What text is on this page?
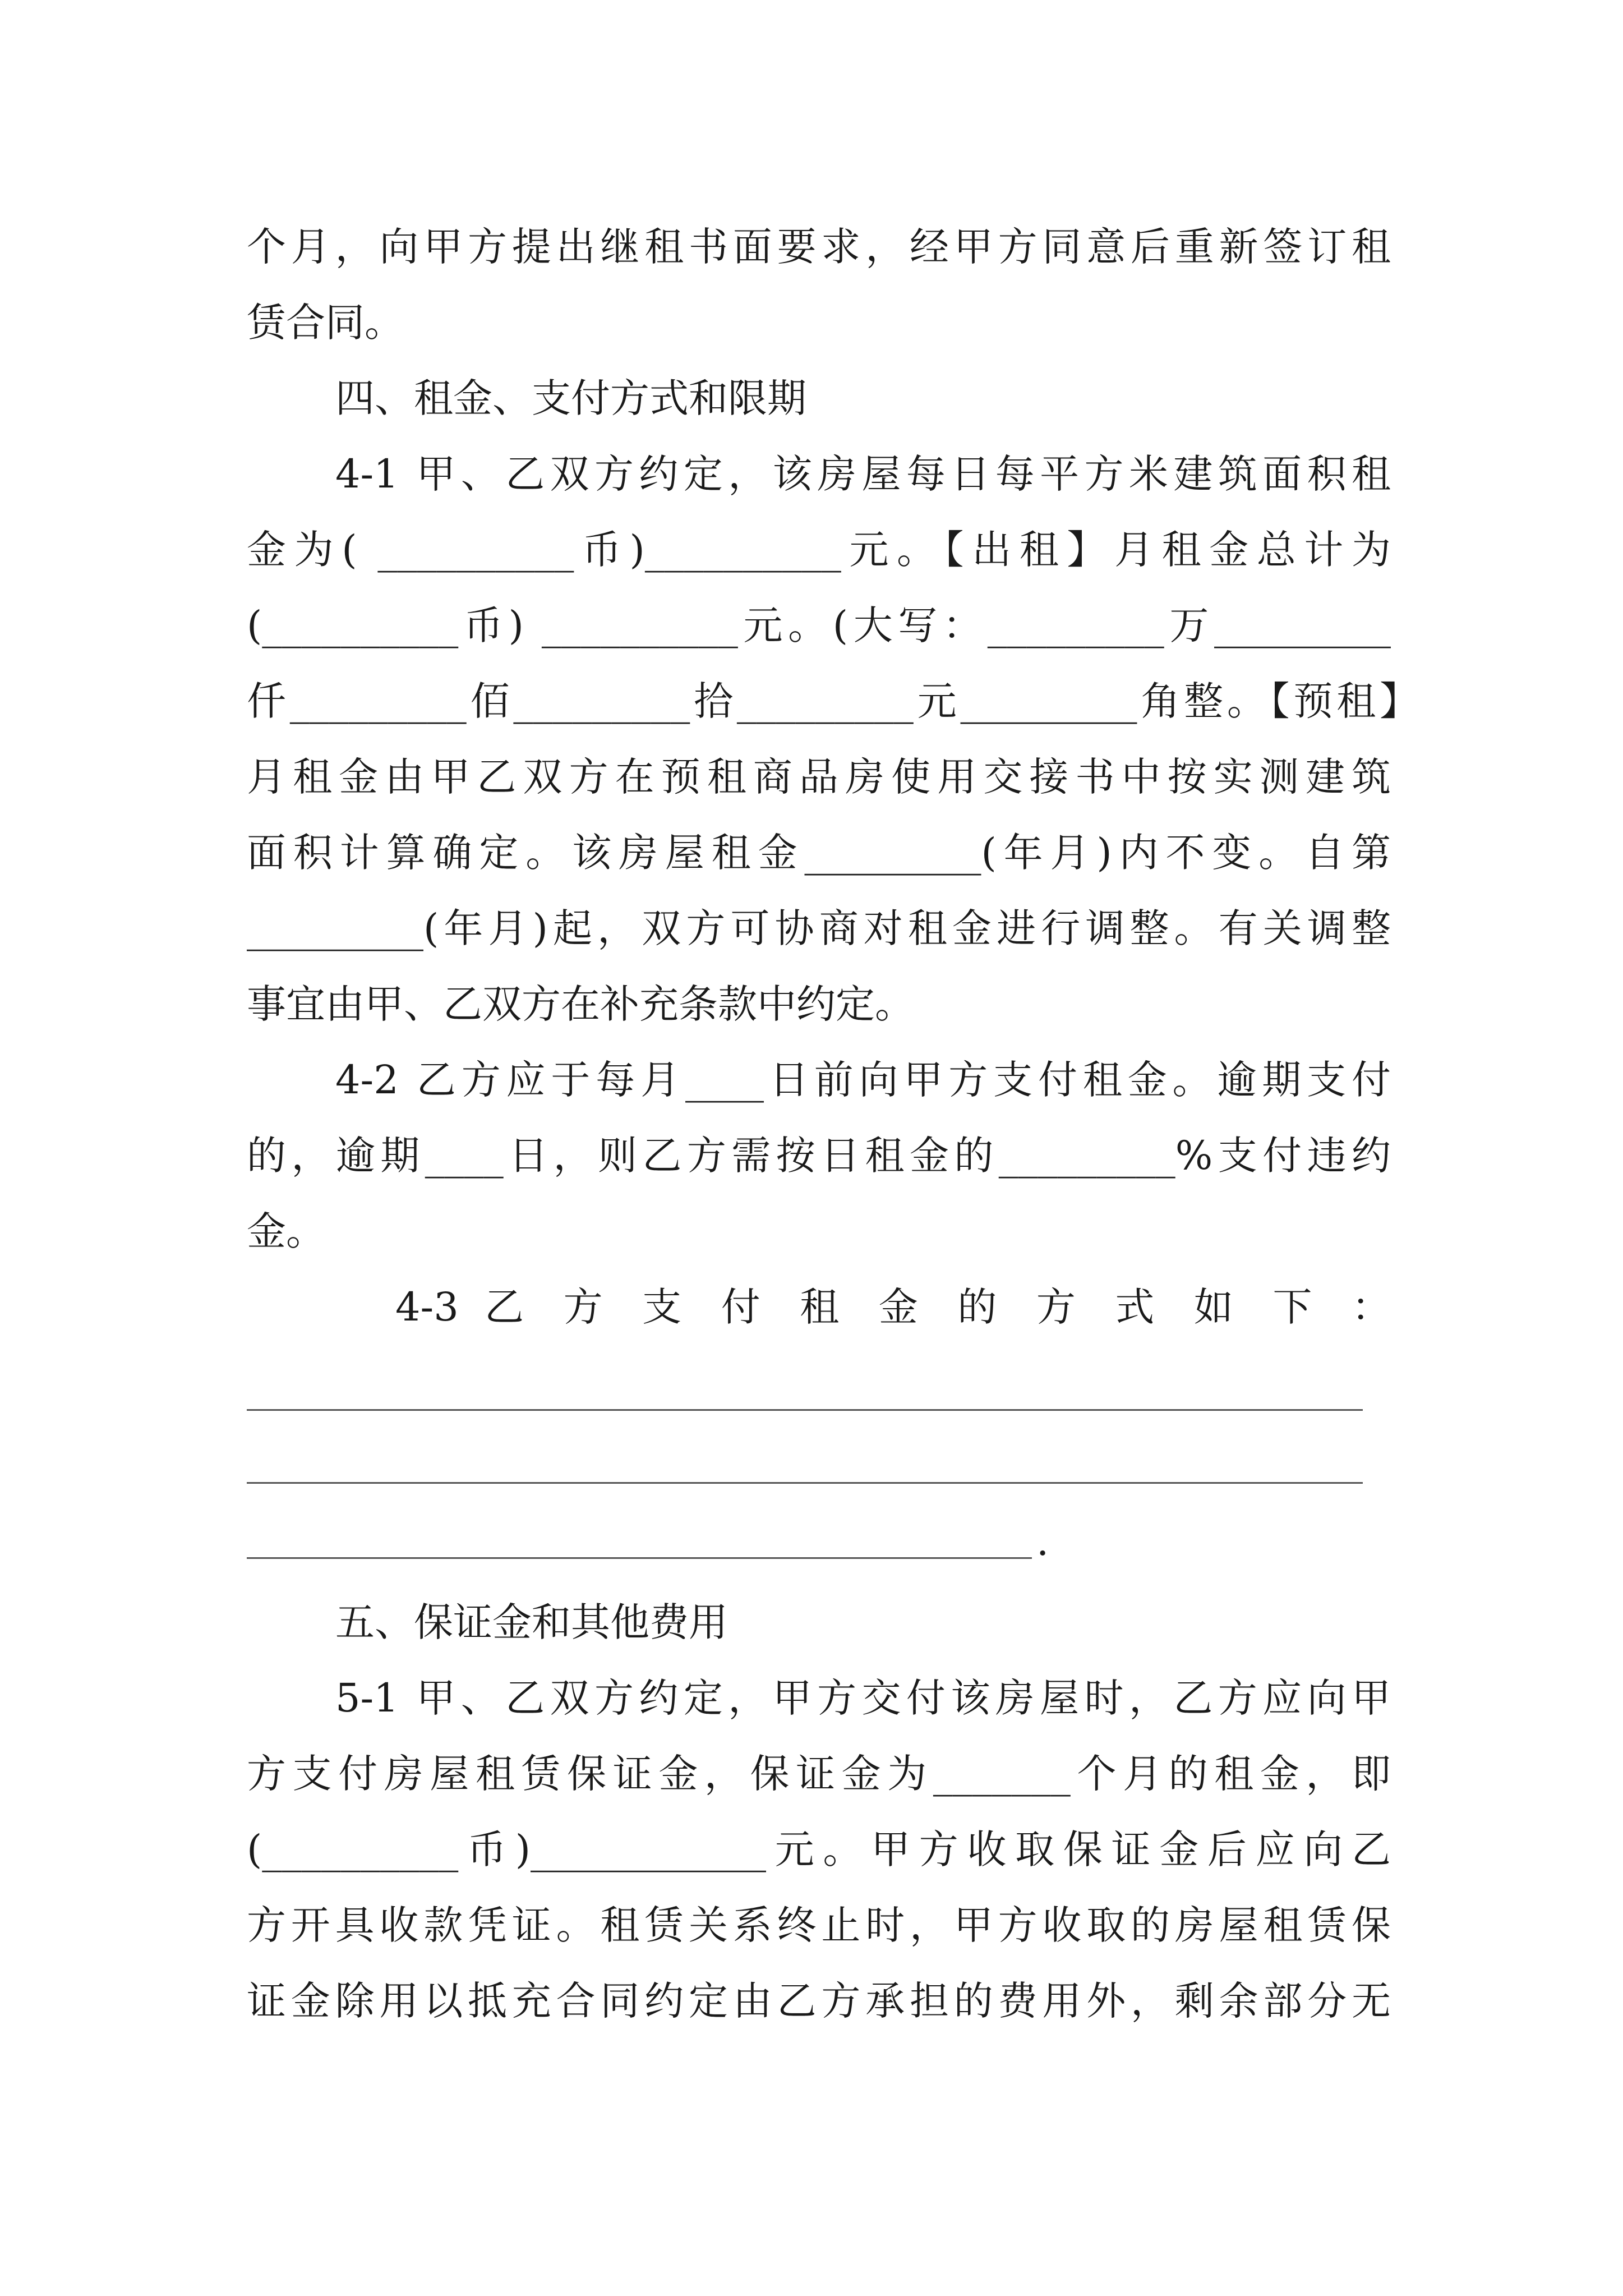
个月，向甲方提出继租书面要求，经甲方同意后重新签订租
赁合同。
四、租金、支付方式和限期
4-1 甲、乙双方约定，该房屋每日每平方米建筑面积租
金为( __________币)__________元。【出租】月租金总计为
(__________币) __________元。(大写：_________万_________
仟_________佰_________拾_________元_________角整。【预租】
月租金由甲乙双方在预租商品房使用交接书中按实测建筑
面积计算确定。该房屋租金_________(年月)内不变。自第
_________(年月)起，双方可协商对租金进行调整。有关调整
事宜由甲、乙双方在补充条款中约定。
4-2 乙方应于每月____日前向甲方支付租金。逾期支付
的，逾期____日，则乙方需按日租金的_________%支付违约
金。
4-3 乙 方 支 付 租 金 的 方 式 如 下 ：
.
五、保证金和其他费用
5-1 甲、乙双方约定，甲方交付该房屋时，乙方应向甲
方支付房屋租赁保证金，保证金为_______个月的租金，即
(__________币)____________元。甲方收取保证金后应向乙
方开具收款凭证。租赁关系终止时，甲方收取的房屋租赁保
证金除用以抵充合同约定由乙方承担的费用外，剩余部分无
